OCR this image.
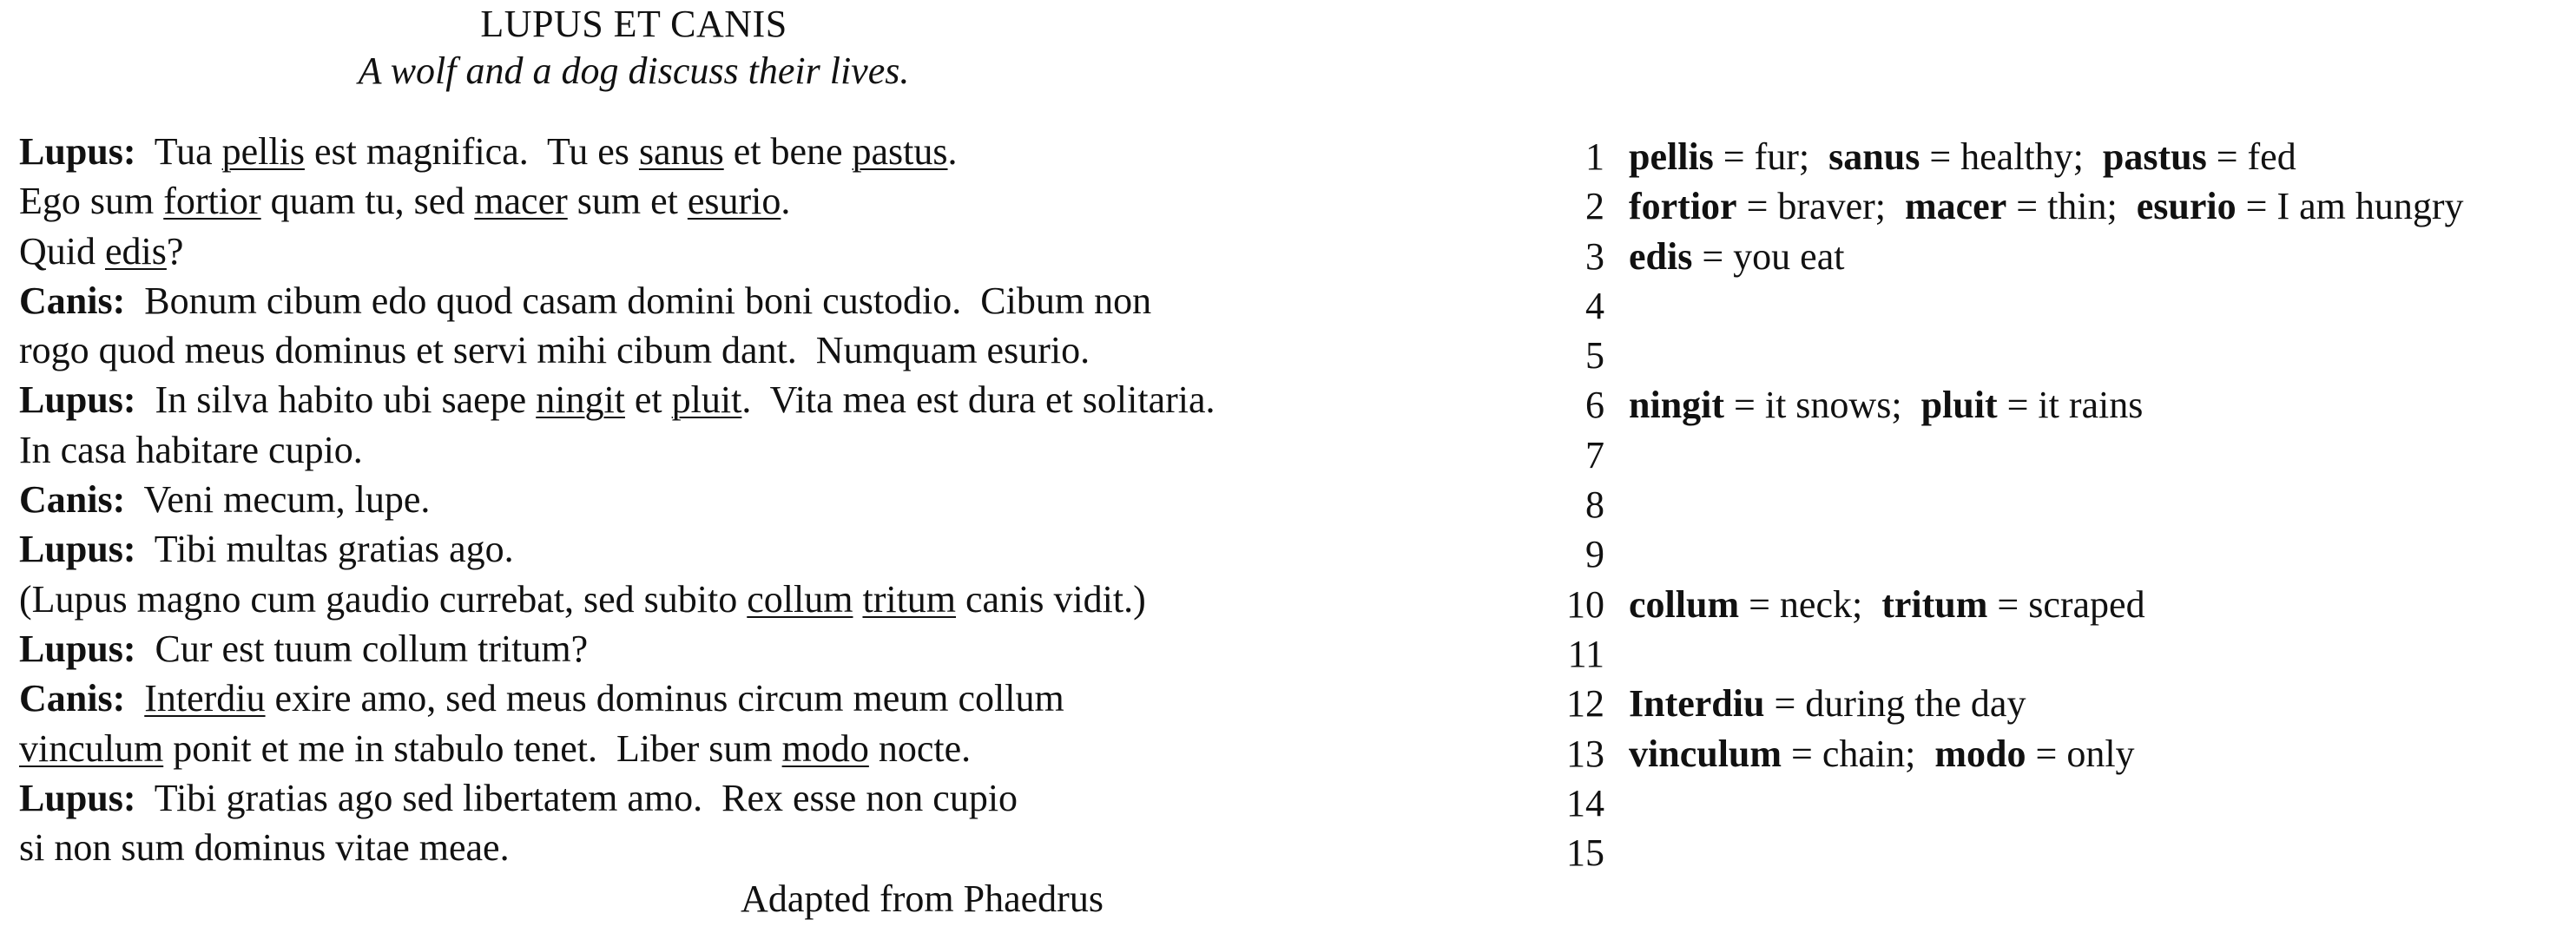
LUPUS ET CANIS
A wolf and a dog discuss their lives.
Lupus:  Tua pellis est magnifica.  Tu es sanus et bene pastus.
Ego sum fortior quam tu, sed macer sum et esurio.
Quid edis?
Canis:  Bonum cibum edo quod casam domini boni custodio.  Cibum non
rogo quod meus dominus et servi mihi cibum dant.  Numquam esurio.
Lupus:  In silva habito ubi saepe ningit et pluit.  Vita mea est dura et solitaria.
In casa habitare cupio.
Canis:  Veni mecum, lupe.
Lupus:  Tibi multas gratias ago.
(Lupus magno cum gaudio currebat, sed subito collum tritum canis vidit.)
Lupus:  Cur est tuum collum tritum?
Canis: Interdiu exire amo, sed meus dominus circum meum collum
vinculum ponit et me in stabulo tenet.  Liber sum modo nocte.
Lupus:  Tibi gratias ago sed libertatem amo.  Rex esse non cupio
si non sum dominus vitae meae.
Adapted from Phaedrus
1
2
3
4
5
6
7
8
9
10
11
12
13
14
15
pellis = fur; sanus = healthy; pastus = fed
fortior = braver; macer = thin; esurio = I am hungry
edis = you eat
ningit = it snows; pluit = it rains
collum = neck; tritum = scraped
Interdiu = during the day
vinculum = chain; modo = only
